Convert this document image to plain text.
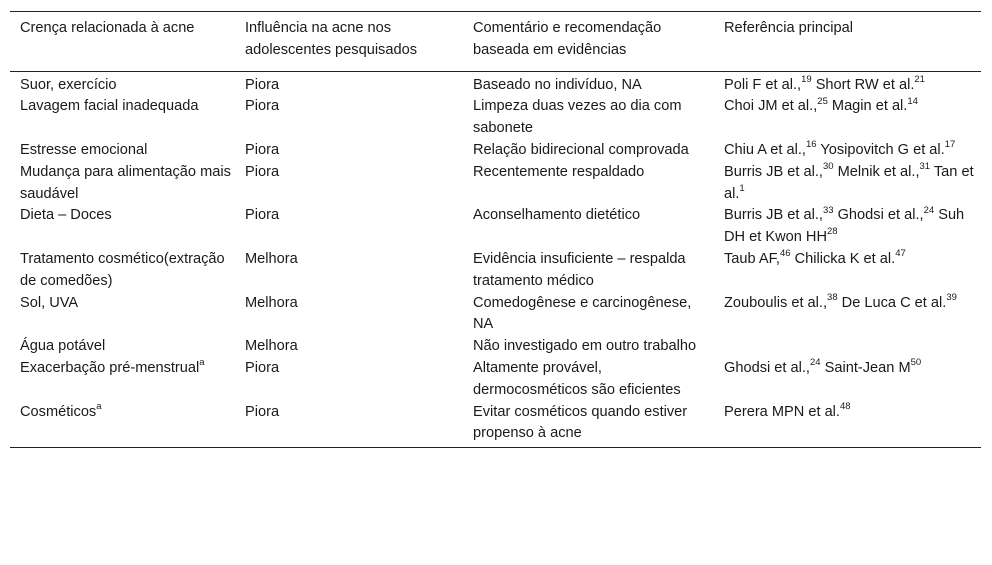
Crença relacionada à acne	Influência na acne nos adolescentes pesquisados	Comentário e recomendação baseada em evidências	Referência principal
Suor, exercício	Piora	Baseado no indivíduo, NA	Poli F et al.,$^{19}$ Short RW et al.$^{21}$
Lavagem facial inadequada	Piora	Limpeza duas vezes ao dia com sabonete	Choi JM et al.,$^{25}$ Magin et al.$^{14}$
Estresse emocional	Piora	Relação bidirecional comprovada	Chiu A et al.,$^{16}$ Yosipovitch G et al.$^{17}$
Mudança para alimentação mais saudável	Piora	Recentemente respaldado	Burris JB et al.,$^{30}$ Melnik et al.,$^{31}$ Tan et al.$^1$
Dieta – Doces	Piora	Aconselhamento dietético	Burris JB et al.,$^{33}$ Ghodsi et al.,$^{24}$ Suh DH et Kwon HH$^{28}$
Tratamento cosmético(extração de comedões)	Melhora	Evidência insuficiente – respalda tratamento médico	Taub AF,$^{46}$ Chilicka K et al.$^{47}$
Sol, UVA	Melhora	Comedogênese e carcinogênese, NA	Zouboulis et al.,$^{38}$ De Luca C et al.$^{39}$
Água potável	Melhora	Não investigado em outro trabalho	
Exacerbação pré-menstrual$^a$	Piora	Altamente provável, dermocosméticos são eficientes	Ghodsi et al.,$^{24}$ Saint-Jean $M^{50}$
Cosméticos$^a$	Piora	Evitar cosméticos quando estiver propenso à acne	Perera MPN et al.$^{48}$
